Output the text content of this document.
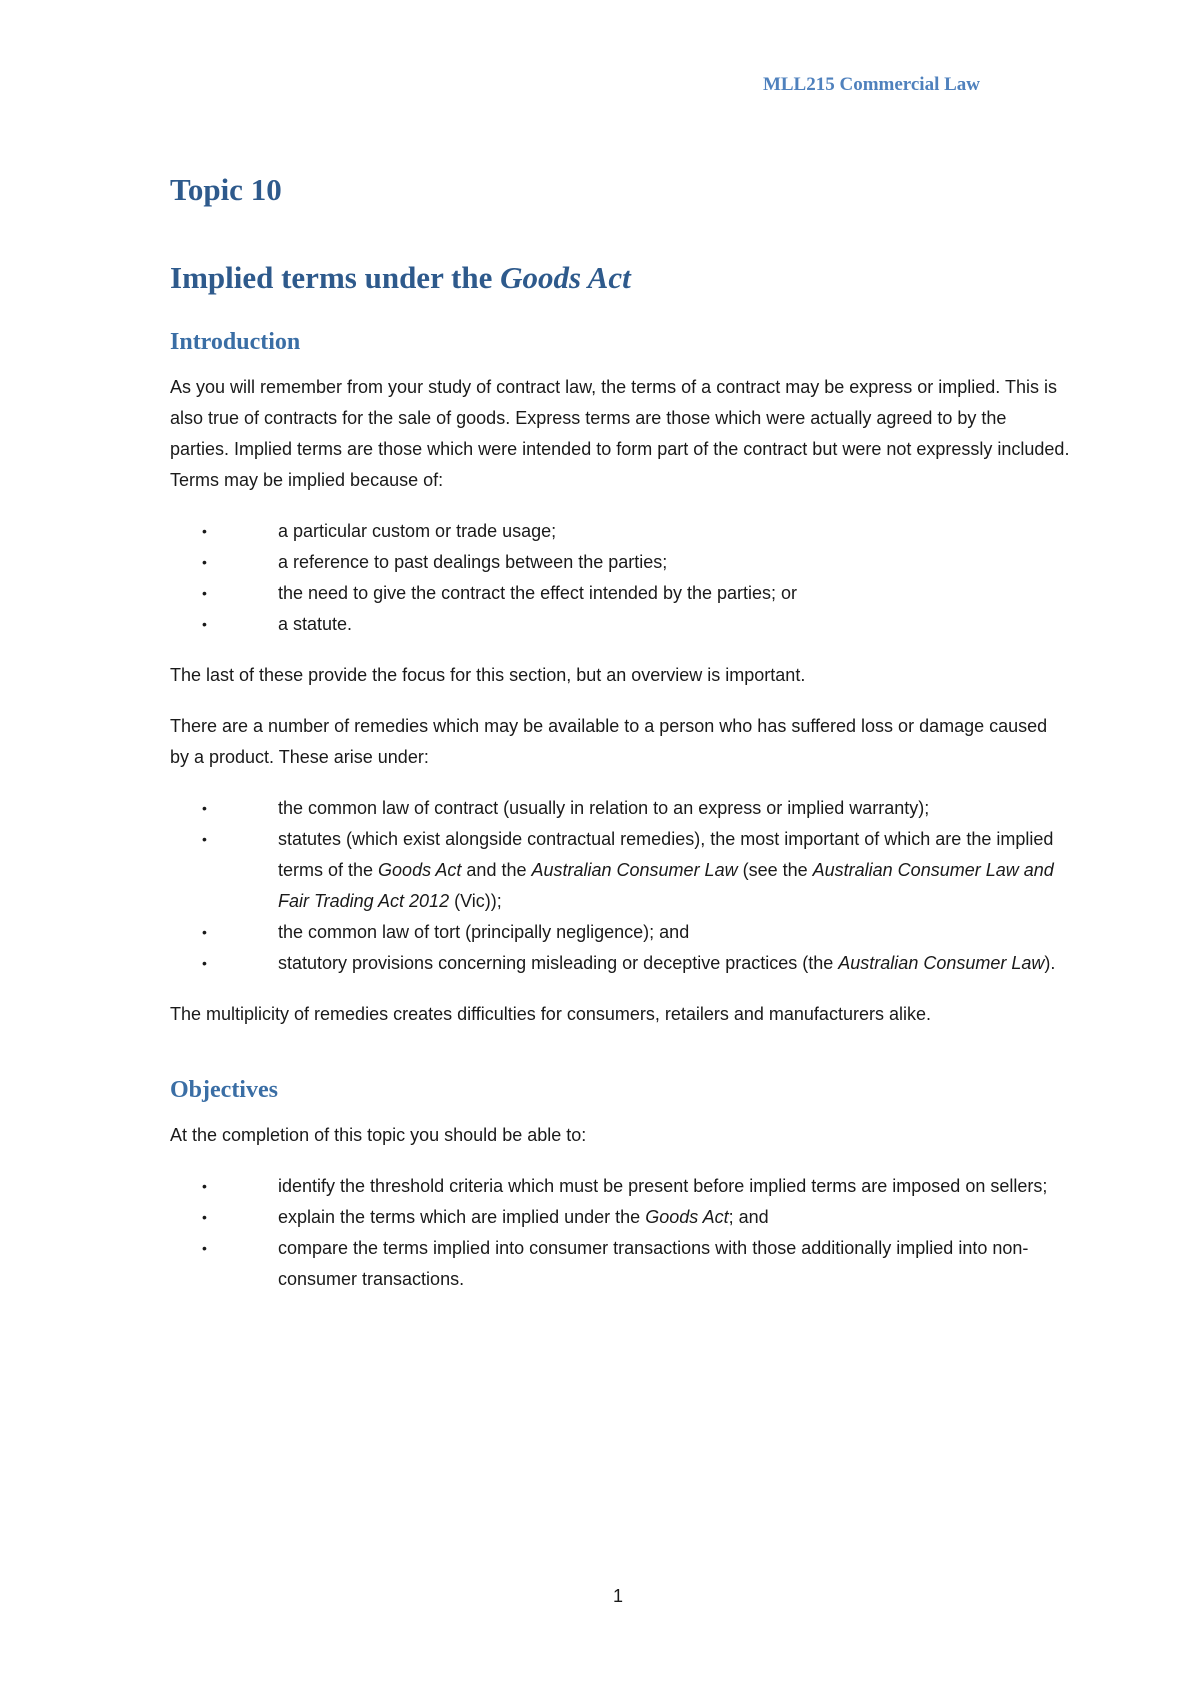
MLL215 Commercial Law
Topic 10
Implied terms under the Goods Act
Introduction

As you will remember from your study of contract law, the terms of a contract may be express or implied. This is also true of contracts for the sale of goods. Express terms are those which were actually agreed to by the parties. Implied terms are those which were intended to form part of the contract but were not expressly included. Terms may be implied because of:

•	a particular custom or trade usage;
•	a reference to past dealings between the parties;
•	the need to give the contract the effect intended by the parties; or
•	a statute.

The last of these provide the focus for this section, but an overview is important.

There are a number of remedies which may be available to a person who has suffered loss or damage caused by a product. These arise under:

•	the common law of contract (usually in relation to an express or implied warranty);
•	statutes (which exist alongside contractual remedies), the most important of which are the implied terms of the Goods Act and the Australian Consumer Law (see the Australian Consumer Law and Fair Trading Act 2012 (Vic));
•	the common law of tort (principally negligence); and
•	statutory provisions concerning misleading or deceptive practices (the Australian Consumer Law).

The multiplicity of remedies creates difficulties for consumers, retailers and manufacturers alike.

Objectives

At the completion of this topic you should be able to:

•	identify the threshold criteria which must be present before implied terms are imposed on sellers;
•	explain the terms which are implied under the Goods Act; and
•	compare the terms implied into consumer transactions with those additionally implied into non-consumer transactions.
1
